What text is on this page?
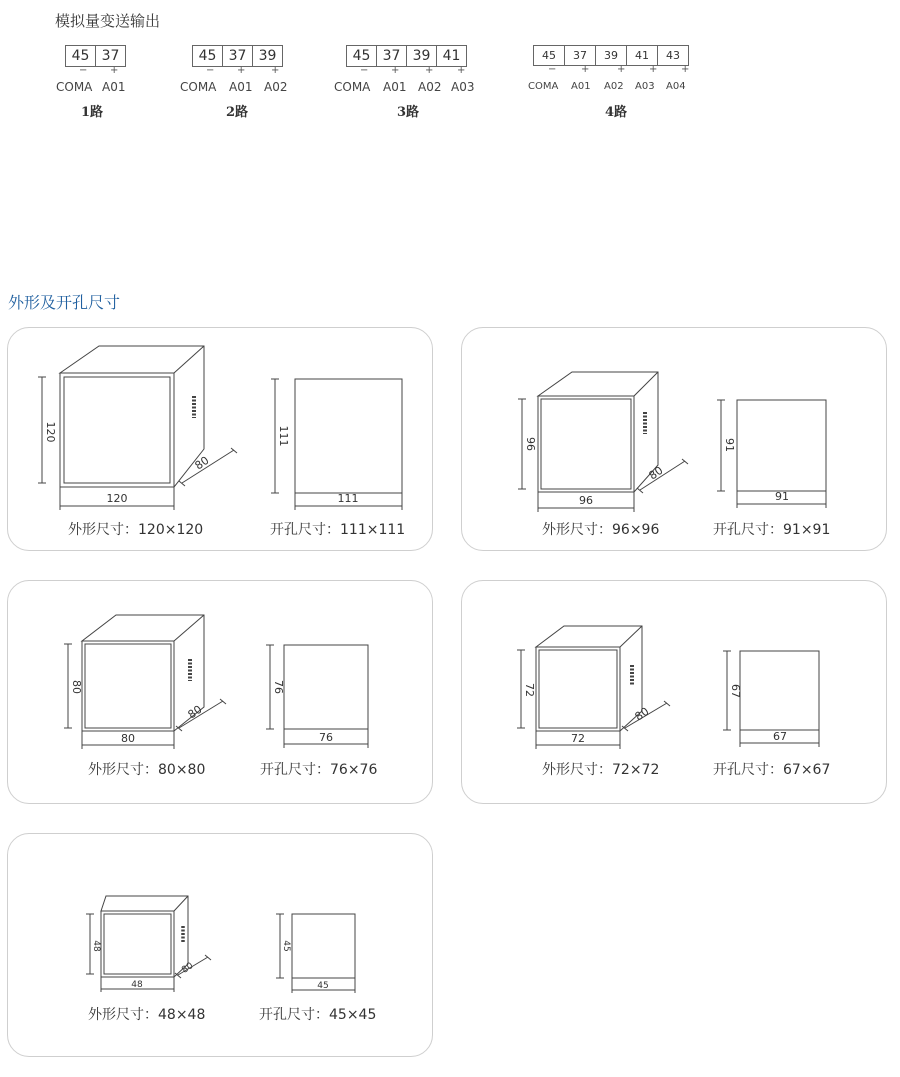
模拟量变送输出
45 37
− +
COMA A01
1路
45 37 39
− +	+
COMA A01 A02
2路
45 37 39 41
− +	+ +
COMA A01 A02 A03
3路
45	37	39	41	43
− +	+ + +
COMA A01 A02 A03 A04
4路
外形及开孔尺寸
120
120
80
111
111
外形尺寸：120×120	开孔尺寸：111×111
96
96
80
91
91
外形尺寸：96×96	开孔尺寸：91×91
80
80
80
76
76
外形尺寸：80×80	开孔尺寸：76×76
72
72
80
67
67
外形尺寸：72×72	开孔尺寸：67×67
48
48
80
45
45
外形尺寸：48×48	开孔尺寸：45×45
